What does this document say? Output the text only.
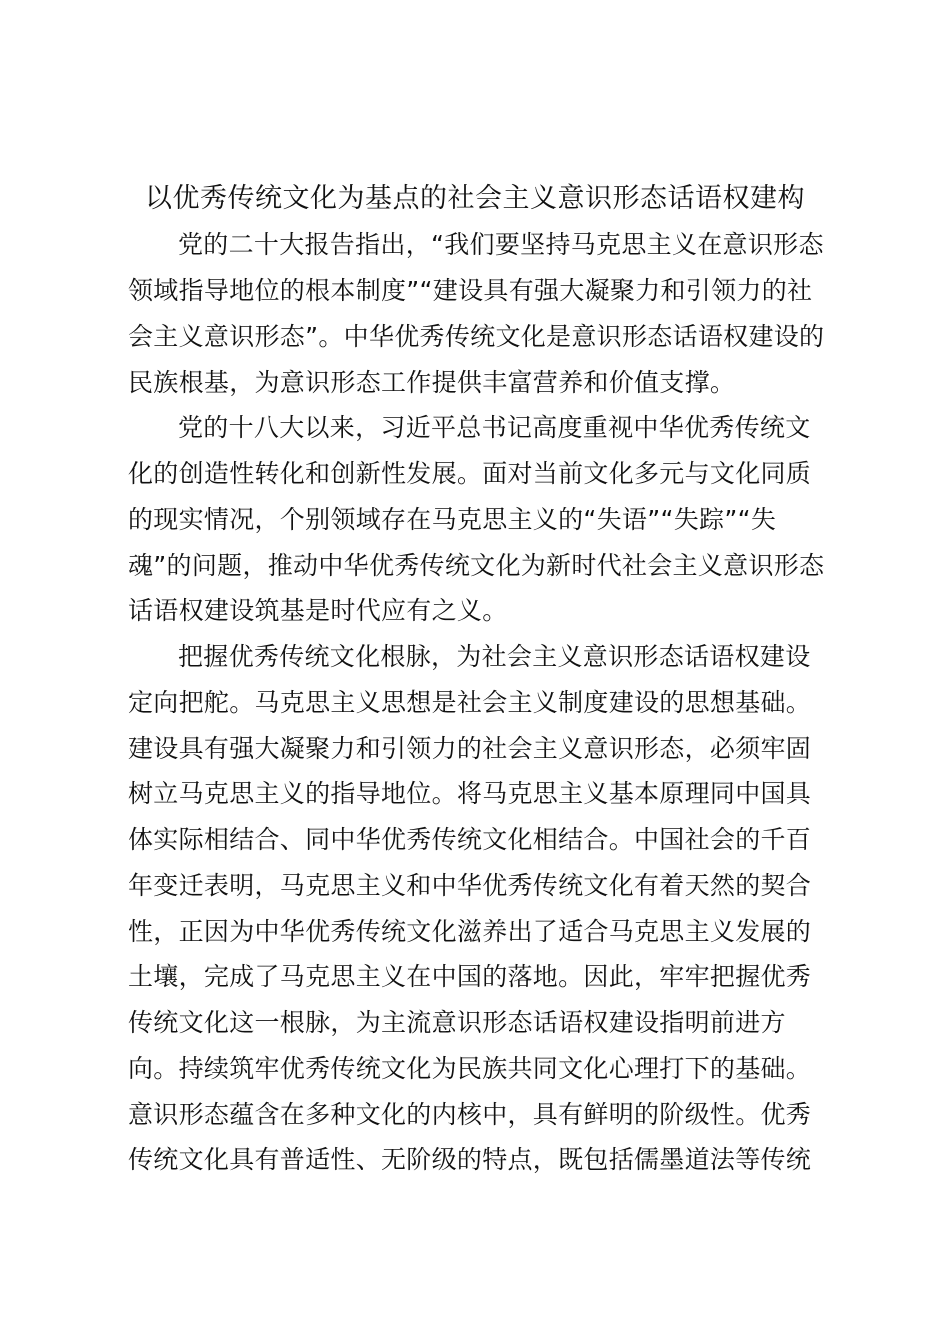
以优秀传统文化为基点的社会主义意识形态话语权建构
党的二十大报告指出，“我们要坚持马克思主义在意识形态
领域指导地位的根本制度”“建设具有强大凝聚力和引领力的社
会主义意识形态”。中华优秀传统文化是意识形态话语权建设的
民族根基，为意识形态工作提供丰富营养和价值支撑。
党的十八大以来，习近平总书记高度重视中华优秀传统文
化的创造性转化和创新性发展。面对当前文化多元与文化同质
的现实情况，个别领域存在马克思主义的“失语”“失踪”“失
魂”的问题，推动中华优秀传统文化为新时代社会主义意识形态
话语权建设筑基是时代应有之义。
把握优秀传统文化根脉，为社会主义意识形态话语权建设
定向把舵。马克思主义思想是社会主义制度建设的思想基础。
建设具有强大凝聚力和引领力的社会主义意识形态，必须牢固
树立马克思主义的指导地位。将马克思主义基本原理同中国具
体实际相结合、同中华优秀传统文化相结合。中国社会的千百
年变迁表明，马克思主义和中华优秀传统文化有着天然的契合
性，正因为中华优秀传统文化滋养出了适合马克思主义发展的
土壤，完成了马克思主义在中国的落地。因此，牢牢把握优秀
传统文化这一根脉，为主流意识形态话语权建设指明前进方
向。持续筑牢优秀传统文化为民族共同文化心理打下的基础。
意识形态蕴含在多种文化的内核中，具有鲜明的阶级性。优秀
传统文化具有普适性、无阶级的特点，既包括儒墨道法等传统
